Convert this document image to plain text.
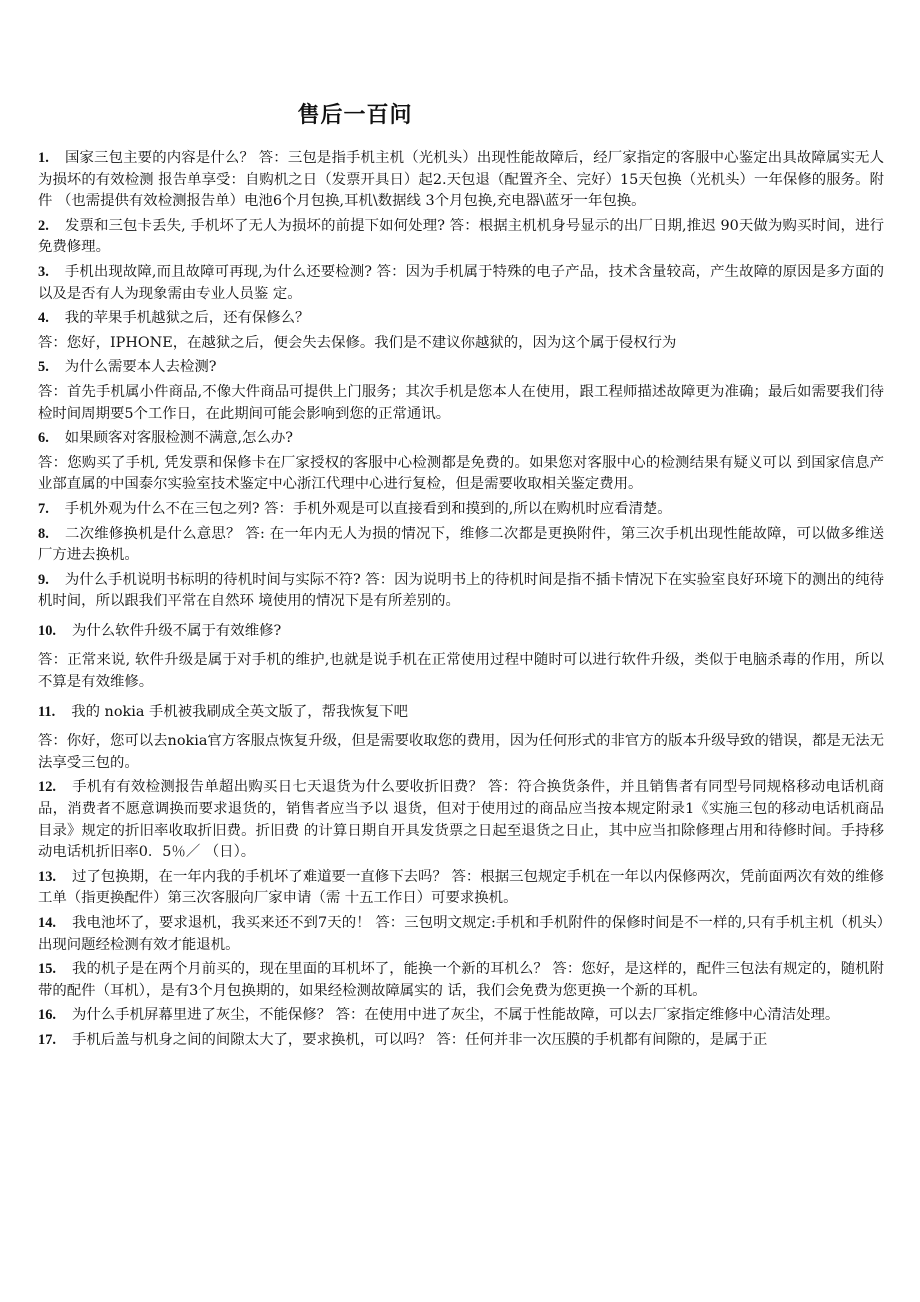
售后一百问

1. 国家三包主要的内容是什么？ 答：三包是指手机主机（光机头）出现性能故障后，经厂家指定的客服中心鉴定出具故障属实无人为损坏的有效检测 报告单享受：自购机之日（发票开具日）起2.天包退（配置齐全、完好）15天包换（光机头）一年保修的服务。附件 （也需提供有效检测报告单）电池6个月包换,耳机\数据线 3个月包换,充电器\蓝牙一年包换。

2. 发票和三包卡丢失, 手机坏了无人为损坏的前提下如何处理? 答：根据主机机身号显示的出厂日期,推迟 90天做为购买时间，进行免费修理。

3. 手机出现故障,而且故障可再现,为什么还要检测? 答：因为手机属于特殊的电子产品，技术含量较高，产生故障的原因是多方面的以及是否有人为现象需由专业人员鉴 定。

4. 我的苹果手机越狱之后，还有保修么？

答：您好，IPHONE，在越狱之后，便会失去保修。我们是不建议你越狱的，因为这个属于侵权行为

5. 为什么需要本人去检测?

答：首先手机属小件商品,不像大件商品可提供上门服务；其次手机是您本人在使用，跟工程师描述故障更为准确；最后如需要我们待检时间周期要5个工作日，在此期间可能会影响到您的正常通讯。

6. 如果顾客对客服检测不满意,怎么办?

答：您购买了手机, 凭发票和保修卡在厂家授权的客服中心检测都是免费的。如果您对客服中心的检测结果有疑义可以 到国家信息产业部直属的中国泰尔实验室技术鉴定中心浙江代理中心进行复检，但是需要收取相关鉴定费用。

7. 手机外观为什么不在三包之列? 答：手机外观是可以直接看到和摸到的,所以在购机时应看清楚。

8. 二次维修换机是什么意思？ 答: 在一年内无人为损的情况下，维修二次都是更换附件，第三次手机出现性能故障，可以做多维送厂方进去换机。

9. 为什么手机说明书标明的待机时间与实际不符? 答：因为说明书上的待机时间是指不插卡情况下在实验室良好环境下的测出的纯待机时间，所以跟我们平常在自然环 境使用的情况下是有所差别的。

10. 为什么软件升级不属于有效维修?

答：正常来说, 软件升级是属于对手机的维护,也就是说手机在正常使用过程中随时可以进行软件升级，类似于电脑杀毒的作用，所以不算是有效维修。

11. 我的 nokia 手机被我刷成全英文版了，帮我恢复下吧

答：你好，您可以去nokia官方客服点恢复升级，但是需要收取您的费用，因为任何形式的非官方的版本升级导致的错误，都是无法无法享受三包的。

12. 手机有有效检测报告单超出购买日七天退货为什么要收折旧费？ 答：符合换货条件，并且销售者有同型号同规格移动电话机商品，消费者不愿意调换而要求退货的，销售者应当予以 退货，但对于使用过的商品应当按本规定附录1《实施三包的移动电话机商品目录》规定的折旧率收取折旧费。折旧费 的计算日期自开具发货票之日起至退货之日止，其中应当扣除修理占用和待修时间。手持移动电话机折旧率0．5％／ （日）。

13. 过了包换期，在一年内我的手机坏了难道要一直修下去吗？ 答：根据三包规定手机在一年以内保修两次，凭前面两次有效的维修工单（指更换配件）第三次客服向厂家申请（需 十五工作日）可要求换机。

14. 我电池坏了，要求退机，我买来还不到7天的！ 答：三包明文规定:手机和手机附件的保修时间是不一样的,只有手机主机（机头）出现问题经检测有效才能退机。

15. 我的机子是在两个月前买的，现在里面的耳机坏了，能换一个新的耳机么？ 答：您好，是这样的，配件三包法有规定的，随机附带的配件（耳机），是有3个月包换期的，如果经检测故障属实的 话，我们会免费为您更换一个新的耳机。

16. 为什么手机屏幕里进了灰尘，不能保修？ 答：在使用中进了灰尘，不属于性能故障，可以去厂家指定维修中心清洁处理。

17. 手机后盖与机身之间的间隙太大了，要求换机，可以吗？ 答：任何并非一次压膜的手机都有间隙的，是属于正
